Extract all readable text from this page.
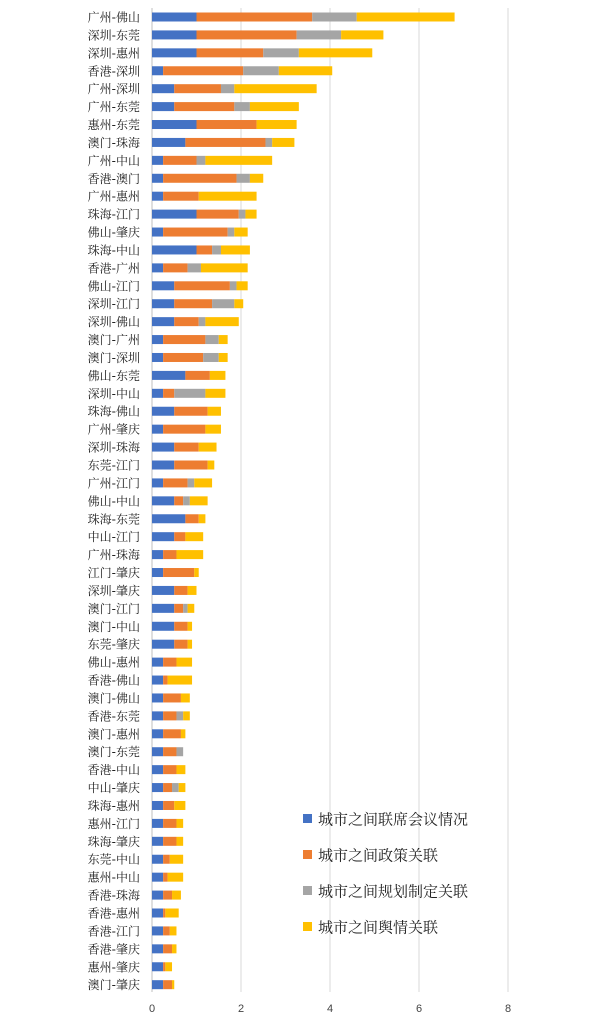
广州-佛山
深圳-东莞
深圳-惠州
香港-深圳
广州-深圳
广州-东莞
惠州-东莞
澳门-珠海
广州-中山
香港-澳门
广州-惠州
珠海-江门
佛山-肇庆
珠海-中山
香港-广州
佛山-江门
深圳-江门
深圳-佛山
澳门-广州
澳门-深圳
佛山-东莞
深圳-中山
珠海-佛山
广州-肇庆
深圳-珠海
东莞-江门
广州-江门
佛山-中山
珠海-东莞
中山-江门
广州-珠海
江门-肇庆
深圳-肇庆
澳门-江门
澳门-中山
东莞-肇庆
佛山-惠州
香港-佛山
澳门-佛山
香港-东莞
澳门-惠州
澳门-东莞
香港-中山
中山-肇庆
珠海-惠州
惠州-江门
珠海-肇庆
东莞-中山
惠州-中山
香港-珠海
香港-惠州
香港-江门
香港-肇庆
惠州-肇庆
澳门-肇庆
0	2	4	6	8
城市之间联席会议情况
城市之间政策关联
城市之间规划制定关联
城市之间舆情关联
